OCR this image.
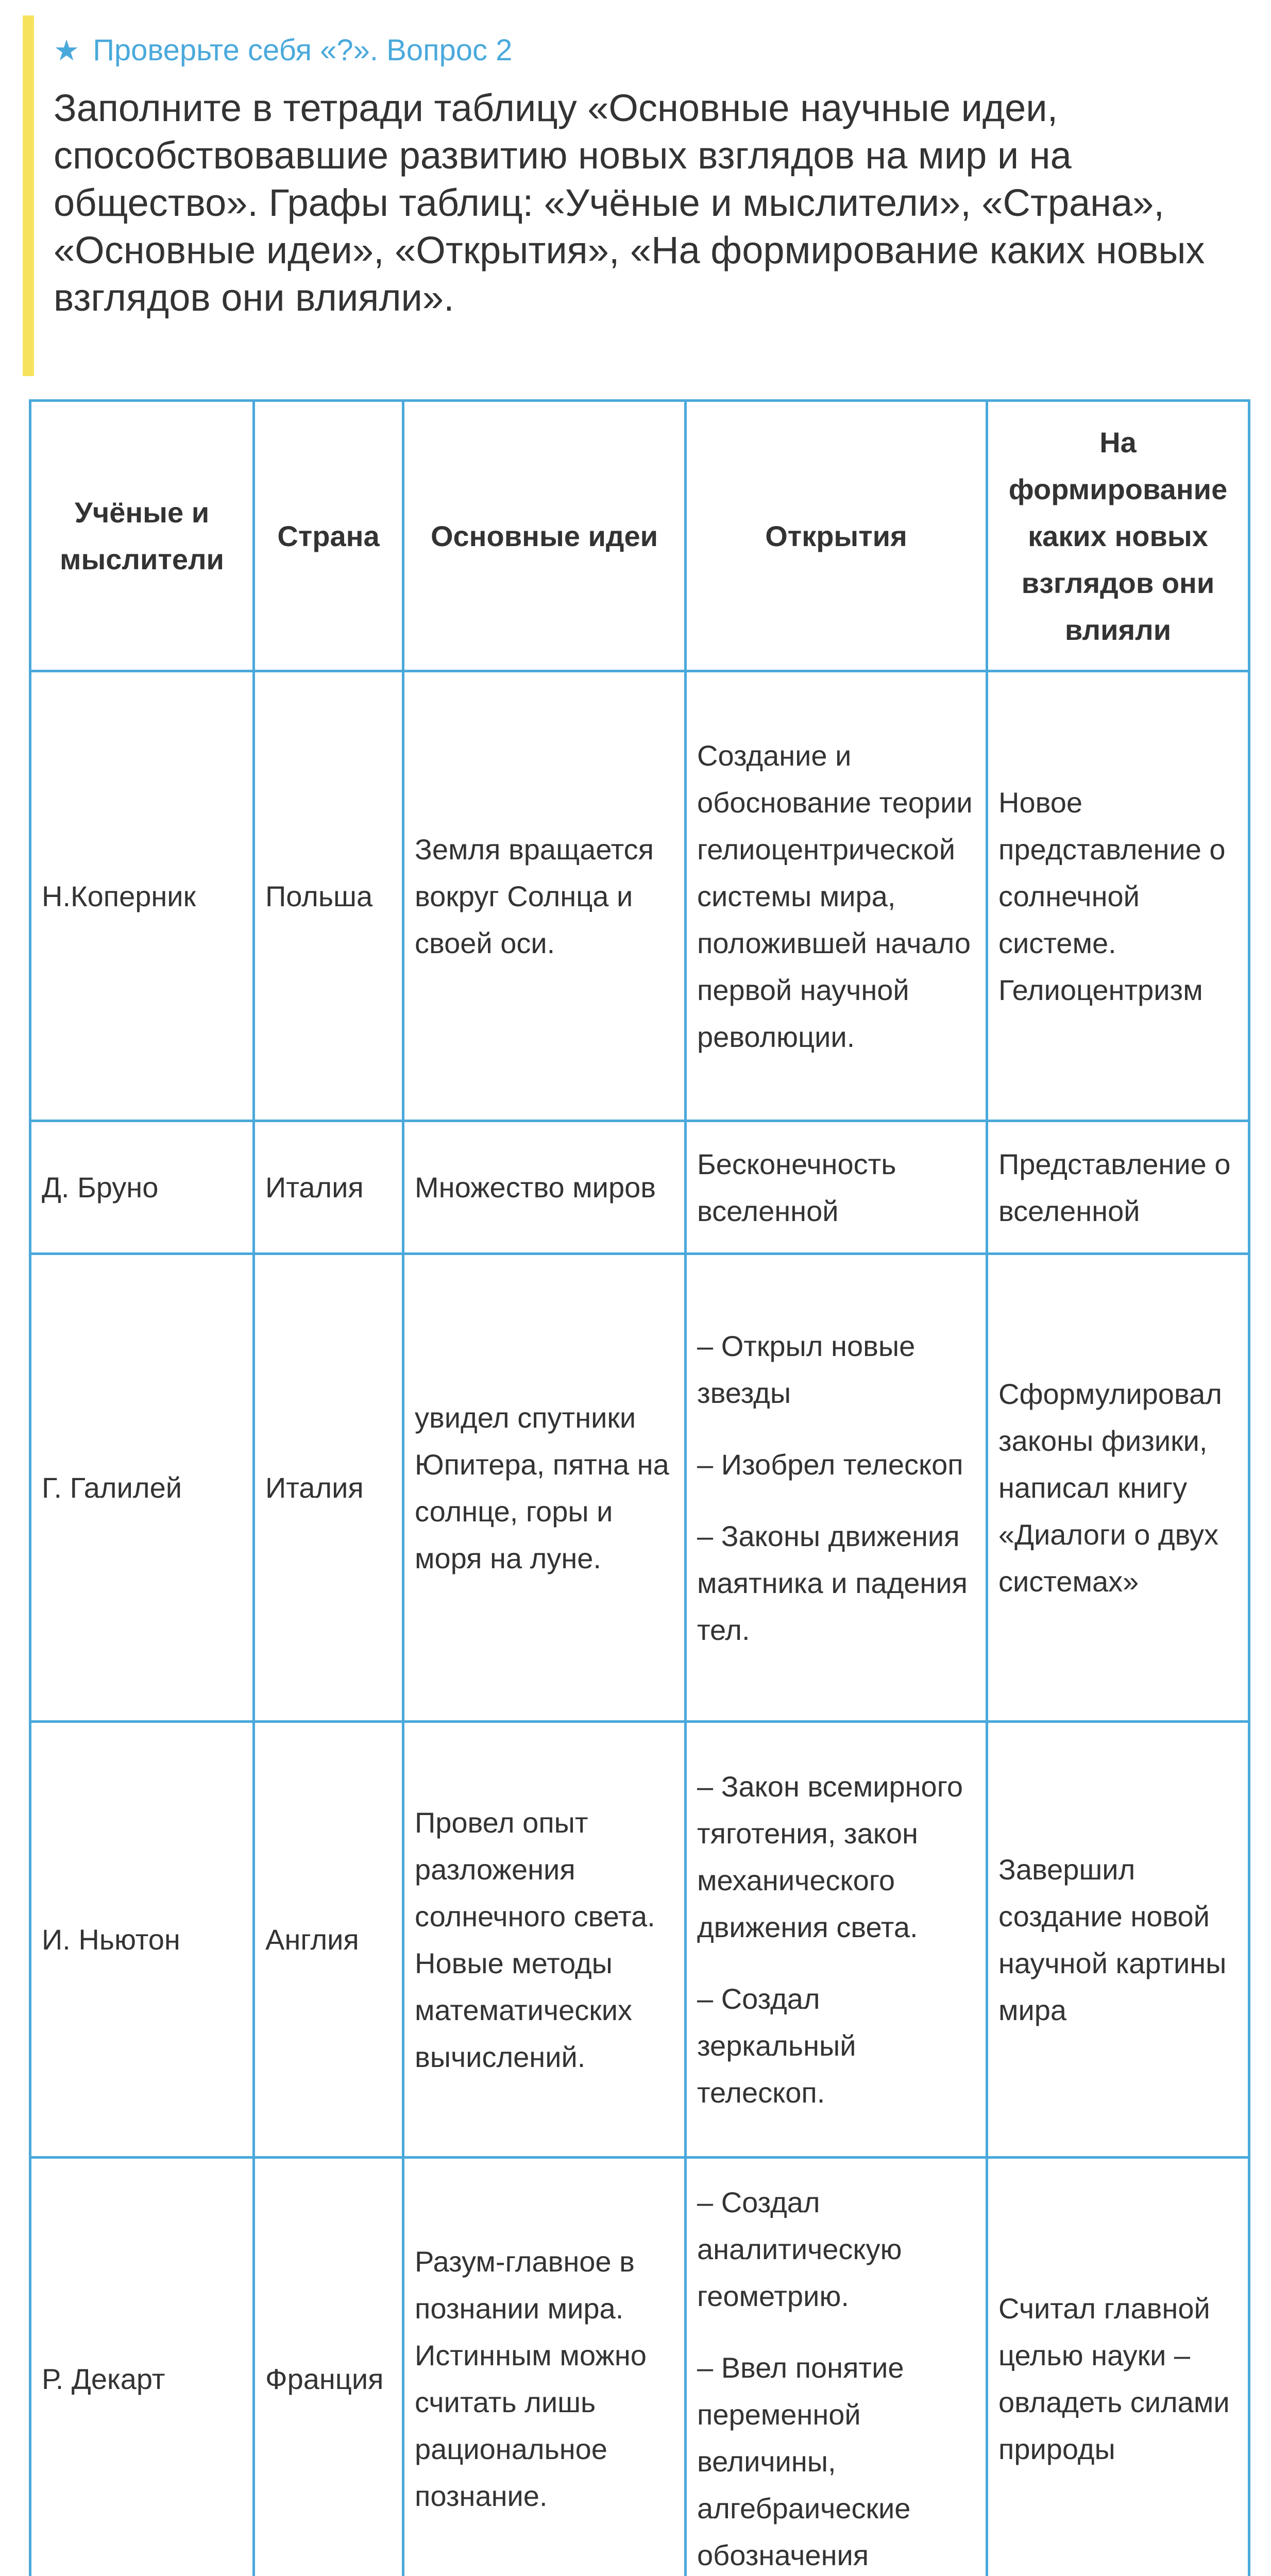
★ Проверьте себя «?». Вопрос 2
Заполните в тетради таблицу «Основные научные идеи, способствовавшие развитию новых взглядов на мир и на общество». Графы таблиц: «Учёные и мыслители», «Страна», «Основные идеи», «Открытия», «На формирование каких новых взглядов они влияли».
Учёные и мыслители	Страна	Основные идеи	Открытия	На формирование каких новых взглядов они влияли
Н.Коперник	Польша	Земля вращается вокруг Солнца и своей оси.	Создание и обоснование теории гелиоцентрической системы мира, положившей начало первой научной революции.	Новое представление о солнечной системе. Гелиоцентризм

Д. Бруно	Италия	Множество миров	Бесконечность вселенной	Представление о вселенной

Г. Галилей	Италия	увидел спутники Юпитера, пятна на солнце, горы и моря на луне.	– Открыл новые звезды
– Изобрел телескоп
– Законы движения маятника и падения тел.	Сформулировал законы физики, написал книгу «Диалоги о двух системах»

И. Ньютон	Англия	Провел опыт разложения солнечного света. Новые методы математических вычислений.	– Закон всемирного тяготения, закон механического движения света.
– Создал зеркальный телескоп.	Завершил создание новой научной картины мира

Р. Декарт	Франция	Разум-главное в познании мира. Истинным можно считать лишь рациональное познание.	– Создал аналитическую геометрию.
– Ввел понятие переменной величины, алгебраические обозначения	Считал главной целью науки – овладеть силами природы
